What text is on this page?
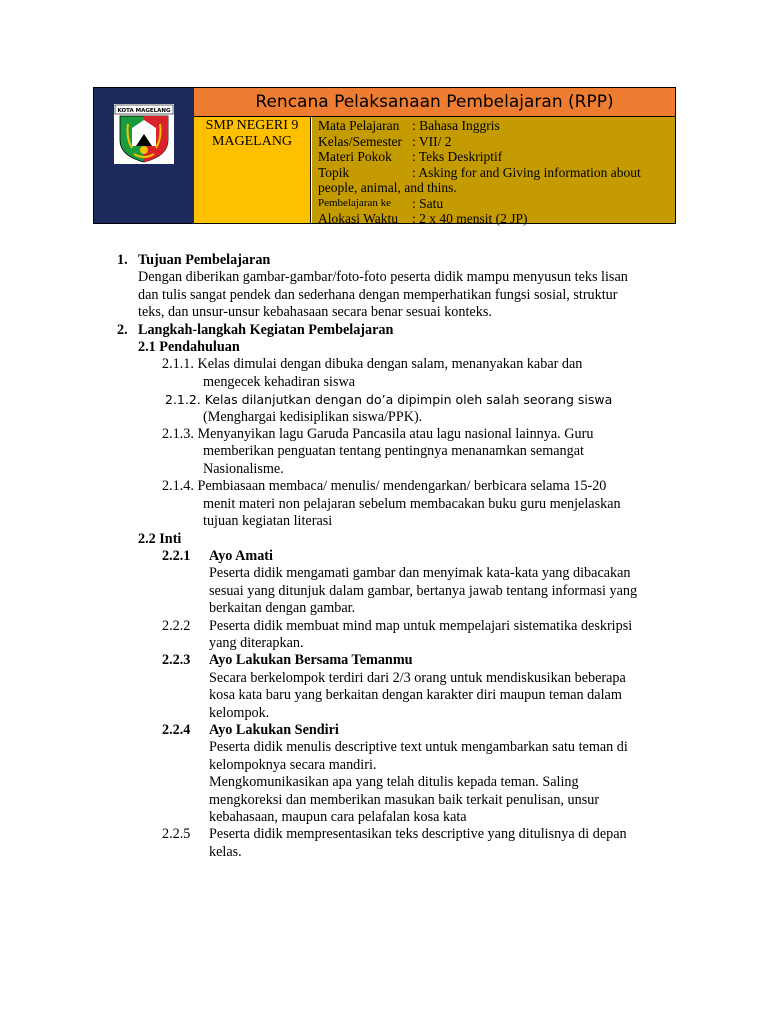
KOTA MAGELANG	Rencana Pelaksanaan Pembelajaran (RPP)
SMP NEGERI 9
MAGELANG
Mata Pelajaran : Bahasa Inggris
Kelas/Semester : VII/ 2
Materi Pokok	: Teks Deskriptif
Topik	: Asking for and Giving information about
people, animal, and thins.
Pembelajaran ke	: Satu
Alokasi Waktu	: 2 x 40 mensit (2 JP)
1. Tujuan Pembelajaran

Dengan diberikan gambar-gambar/foto-foto peserta didik mampu menyusun teks lisan
dan tulis sangat pendek dan sederhana dengan memperhatikan fungsi sosial, struktur
teks, dan unsur-unsur kebahasaan secara benar sesuai konteks.
2. Langkah-langkah Kegiatan Pembelajaran

2.1 Pendahuluan
2.1.1. Kelas dimulai dengan dibuka dengan salam, menanyakan kabar dan
mengecek kehadiran siswa
2.1.2. Kelas dilanjutkan dengan do’a dipimpin oleh salah seorang siswa
(Menghargai kedisiplikan siswa/PPK).
2.1.3. Menyanyikan lagu Garuda Pancasila atau lagu nasional lainnya. Guru
memberikan penguatan tentang pentingnya menanamkan semangat
Nasionalisme.
2.1.4. Pembiasaan membaca/ menulis/ mendengarkan/ berbicara selama 15-20
menit materi non pelajaran sebelum membacakan buku guru menjelaskan
tujuan kegiatan literasi
2.2 Inti
2.2.1 Ayo Amati

Peserta didik mengamati gambar dan menyimak kata-kata yang dibacakan
sesuai yang ditunjuk dalam gambar, bertanya jawab tentang informasi yang
berkaitan dengan gambar.
2.2.2 Peserta didik membuat mind map untuk mempelajari sistematika deskripsi

yang diterapkan.
2.2.3 Ayo Lakukan Bersama Temanmu

Secara berkelompok terdiri dari 2/3 orang untuk mendiskusikan beberapa
kosa kata baru yang berkaitan dengan karakter diri maupun teman dalam
kelompok.
2.2.4 Ayo Lakukan Sendiri

Peserta didik menulis descriptive text untuk mengambarkan satu teman di
kelompoknya secara mandiri.
Mengkomunikasikan apa yang telah ditulis kepada teman. Saling
mengkoreksi dan memberikan masukan baik terkait penulisan, unsur
kebahasaan, maupun cara pelafalan kosa kata
2.2.5 Peserta didik mempresentasikan teks descriptive yang ditulisnya di depan

kelas.
